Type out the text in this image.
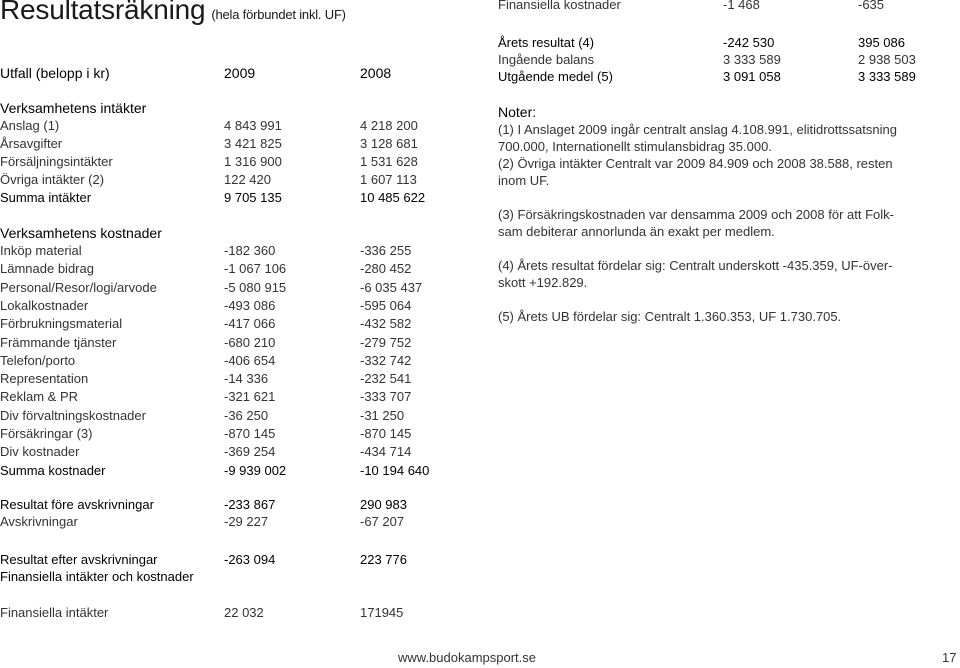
Resultatsräkning (hela förbundet inkl. UF)
Utfall (belopp i kr)	2009	2008
Verksamhetens intäkter
Anslag (1)	4 843 991	4 218 200
Årsavgifter	3 421 825	3 128 681
Försäljningsintäkter	1 316 900	1 531 628
Övriga intäkter (2)	122 420	1 607 113
Summa intäkter	9 705 135	10 485 622
Verksamhetens kostnader
Inköp material	-182 360	-336 255
Lämnade bidrag	-1 067 106	-280 452
Personal/Resor/logi/arvode	-5 080 915	-6 035 437
Lokalkostnader	-493 086	-595 064
Förbrukningsmaterial	-417 066	-432 582
Främmande tjänster	-680 210	-279 752
Telefon/porto	-406 654	-332 742
Representation	-14 336	-232 541
Reklam & PR	-321 621	-333 707
Div förvaltningskostnader	-36 250	-31 250
Försäkringar (3)	-870 145	-870 145
Div kostnader	-369 254	-434 714
Summa kostnader	-9 939 002	-10 194 640
Resultat före avskrivningar	-233 867	290 983
Avskrivningar	-29 227	-67 207
Resultat efter avskrivningar	-263 094	223 776
Finansiella intäkter och kostnader
Finansiella intäkter	22 032	171945
Finansiella kostnader	-1 468	-635
Årets resultat (4)	-242 530	395 086
Ingående balans	3 333 589	2 938 503
Utgående medel (5)	3 091 058	3 333 589

Noter:

(1) I Anslaget 2009 ingår centralt anslag 4.108.991, elitidrottssatsning

700.000, Internationellt stimulansbidrag 35.000.

(2) Övriga intäkter Centralt var 2009 84.909 och 2008 38.588, resten

inom UF.

(3) Försäkringskostnaden var densamma 2009 och 2008 för att Folk-

sam debiterar annorlunda än exakt per medlem.

(4) Årets resultat fördelar sig: Centralt underskott -435.359, UF-över-

skott +192.829.

(5) Årets UB fördelar sig: Centralt 1.360.353, UF 1.730.705.

www.budokampsport.se	17
